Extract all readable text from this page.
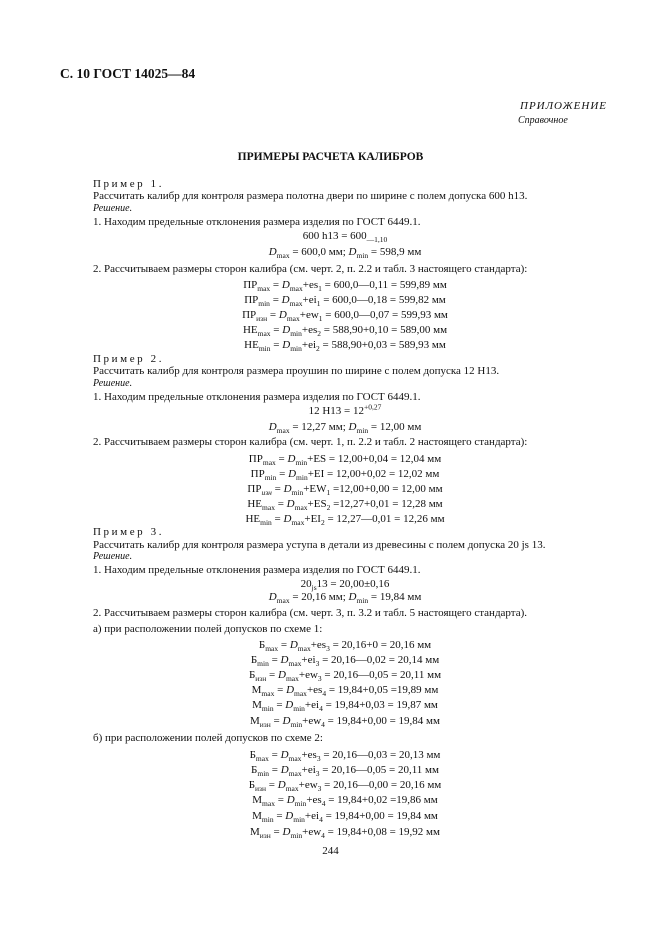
С. 10 ГОСТ 14025—84
ПРИЛОЖЕНИЕ
Справочное
ПРИМЕРЫ РАСЧЕТА КАЛИБРОВ
Пример 1.
Рассчитать калибр для контроля размера полотна двери по ширине с полем допуска 600 h13.
Решение.
1. Находим предельные отклонения размера изделия по ГОСТ 6449.1.
600 $h13 = 600_{—1,10}$
$D_{max} = 600,0$ мм; $D_{min} = 598,9$ мм
2. Рассчитываем размеры сторон калибра (см. черт. 2, п. 2.2 и табл. 3 настоящего стандарта):
$ПР_{max} = D_{max}+es_1$ = 600,0—0,11 = 599,89 мм
$ПР_{min} = D_{max}+ei_1$ = 600,0—0,18 = 599,82 мм
$ПР_{изн} = D_{max}+ew_1$ = 600,0—0,07 = 599,93 мм
$НЕ_{max} = D_{min}+es_2 = 588,90+0,10 = 589,00$ мм
$НЕ_{min} = D_{min}+ei_2 = 588,90+0,03 = 589,93$ мм
Пример 2.
Рассчитать калибр для контроля размера проушин по ширине с полем допуска 12 H13.
Решение.
1. Находим предельные отклонения размера изделия по ГОСТ 6449.1.
12 $H13 = 12^{+0,27}$
$D_{max} = 12,27$ мм; $D_{min} = 12,00$ мм
2. Рассчитываем размеры сторон калибра (см. черт. 1, п. 2.2 и табл. 2 настоящего стандарта):
$ПР_{max} = D_{min}+ES = 12,00+0,04 = 12,04$ мм
$ПР_{min} = D_{min}+EI = 12,00+0,02 = 12,02$ мм
$ПР_{изн} = D_{min}+EW_1 =12,00+0,00 = 12,00$ мм
$НЕ_{max} = D_{max}+ES_2 =12,27+0,01 = 12,28$ мм
$НЕ_{min} = D_{max}+EI_2$ = 12,27—0,01 = 12,26 мм
Пример 3.
Рассчитать калибр для контроля размера уступа в детали из древесины с полем допуска 20 js 13.
Решение.
1. Находим предельные отклонения размера изделия по ГОСТ 6449.1.
$20_{js}13 = 20,00\pm 0,16$
$D_{max} = 20,16$ мм; $D_{min} = 19,84$ мм
2. Рассчитываем размеры сторон калибра (см. черт. 3, п. 3.2 и табл. 5 настоящего стандарта).
а) при расположении полей допусков по схеме 1:
$Б_{max} = D_{max}+es_3 = 20,16+0 = 20,16$ мм
$Б_{min} = D_{max}+ei_3$ = 20,16—0,02 = 20,14 мм
$Б_{изн} = D_{max}+ew_3$ = 20,16—0,05 = 20,11 мм
$М_{max} = D_{max}+es_4 = 19,84+0,05 =19,89$ мм
$М_{min} = D_{min}+ei_4 = 19,84+0,03 = 19,87$ мм
$М_{изн} = D_{min}+ew_4 = 19,84+0,00 = 19,84$ мм
б) при расположении полей допусков по схеме 2:
$Б_{max} = D_{max}+es_3$ = 20,16—0,03 = 20,13 мм
$Б_{min} = D_{max}+ei_3$ = 20,16—0,05 = 20,11 мм
$Б_{изн} = D_{max}+ew_3$ = 20,16—0,00 = 20,16 мм
$М_{max} = D_{min}+es_4 = 19,84+0,02 =19,86$ мм
$М_{min} = D_{min}+ei_4 = 19,84+0,00 = 19,84$ мм
$М_{изн} = D_{min}+ew_4 = 19,84+0,08 = 19,92$ мм
244
